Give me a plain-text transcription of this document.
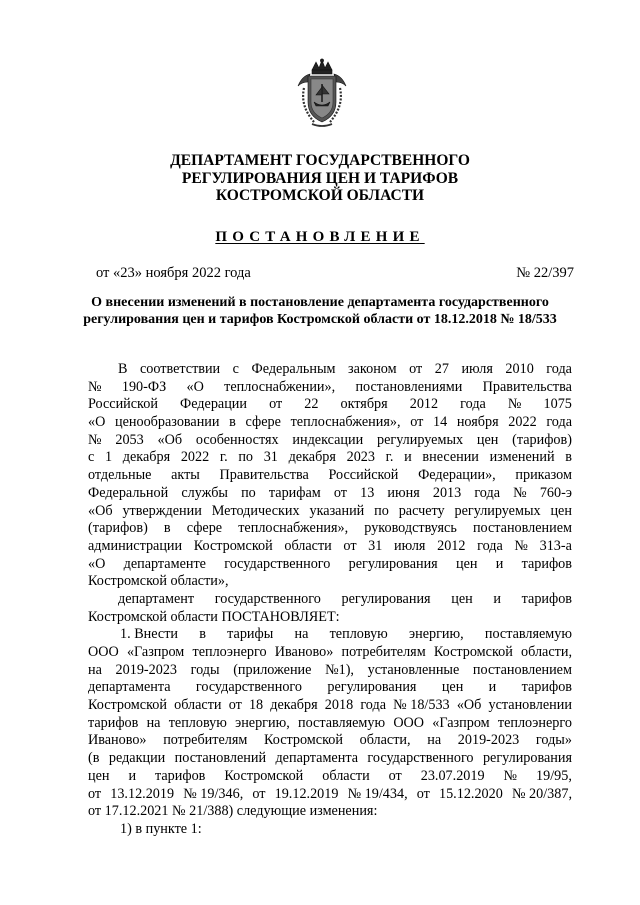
ДЕПАРТАМЕНТ ГОСУДАРСТВЕННОГО
РЕГУЛИРОВАНИЯ ЦЕН И ТАРИФОВ
КОСТРОМСКОЙ ОБЛАСТИ
ПОСТАНОВЛЕНИЕ
от «23» ноября 2022 года	№ 22/397
О внесении изменений в постановление департамента государственного
регулирования цен и тарифов Костромской области от 18.12.2018 № 18/533
В соответствии с Федеральным законом от 27 июля 2010 года
№ 190-ФЗ «О теплоснабжении», постановлениями Правительства
Российской Федерации от 22 октября 2012 года № 1075
«О ценообразовании в сфере теплоснабжения», от 14 ноября 2022 года
№ 2053 «Об особенностях индексации регулируемых цен (тарифов)
с 1 декабря 2022 г. по 31 декабря 2023 г. и внесении изменений в
отдельные акты Правительства Российской Федерации», приказом
Федеральной службы по тарифам от 13 июня 2013 года № 760-э
«Об утверждении Методических указаний по расчету регулируемых цен
(тарифов) в сфере теплоснабжения», руководствуясь постановлением
администрации Костромской области от 31 июля 2012 года № 313-а
«О департаменте государственного регулирования цен и тарифов
Костромской области»,
департамент государственного регулирования цен и тарифов
Костромской области ПОСТАНОВЛЯЕТ:
1. Внести в тарифы на тепловую энергию, поставляемую
ООО «Газпром теплоэнерго Иваново» потребителям Костромской области,
на 2019-2023 годы (приложение №1), установленные постановлением
департамента государственного регулирования цен и тарифов
Костромской области от 18 декабря 2018 года № 18/533 «Об установлении
тарифов на тепловую энергию, поставляемую ООО «Газпром теплоэнерго
Иваново» потребителям Костромской области, на 2019-2023 годы»
(в редакции постановлений департамента государственного регулирования
цен и тарифов Костромской области от 23.07.2019 № 19/95,
от 13.12.2019 № 19/346, от 19.12.2019 № 19/434, от 15.12.2020 № 20/387,
от 17.12.2021 № 21/388) следующие изменения:
1) в пункте 1:
